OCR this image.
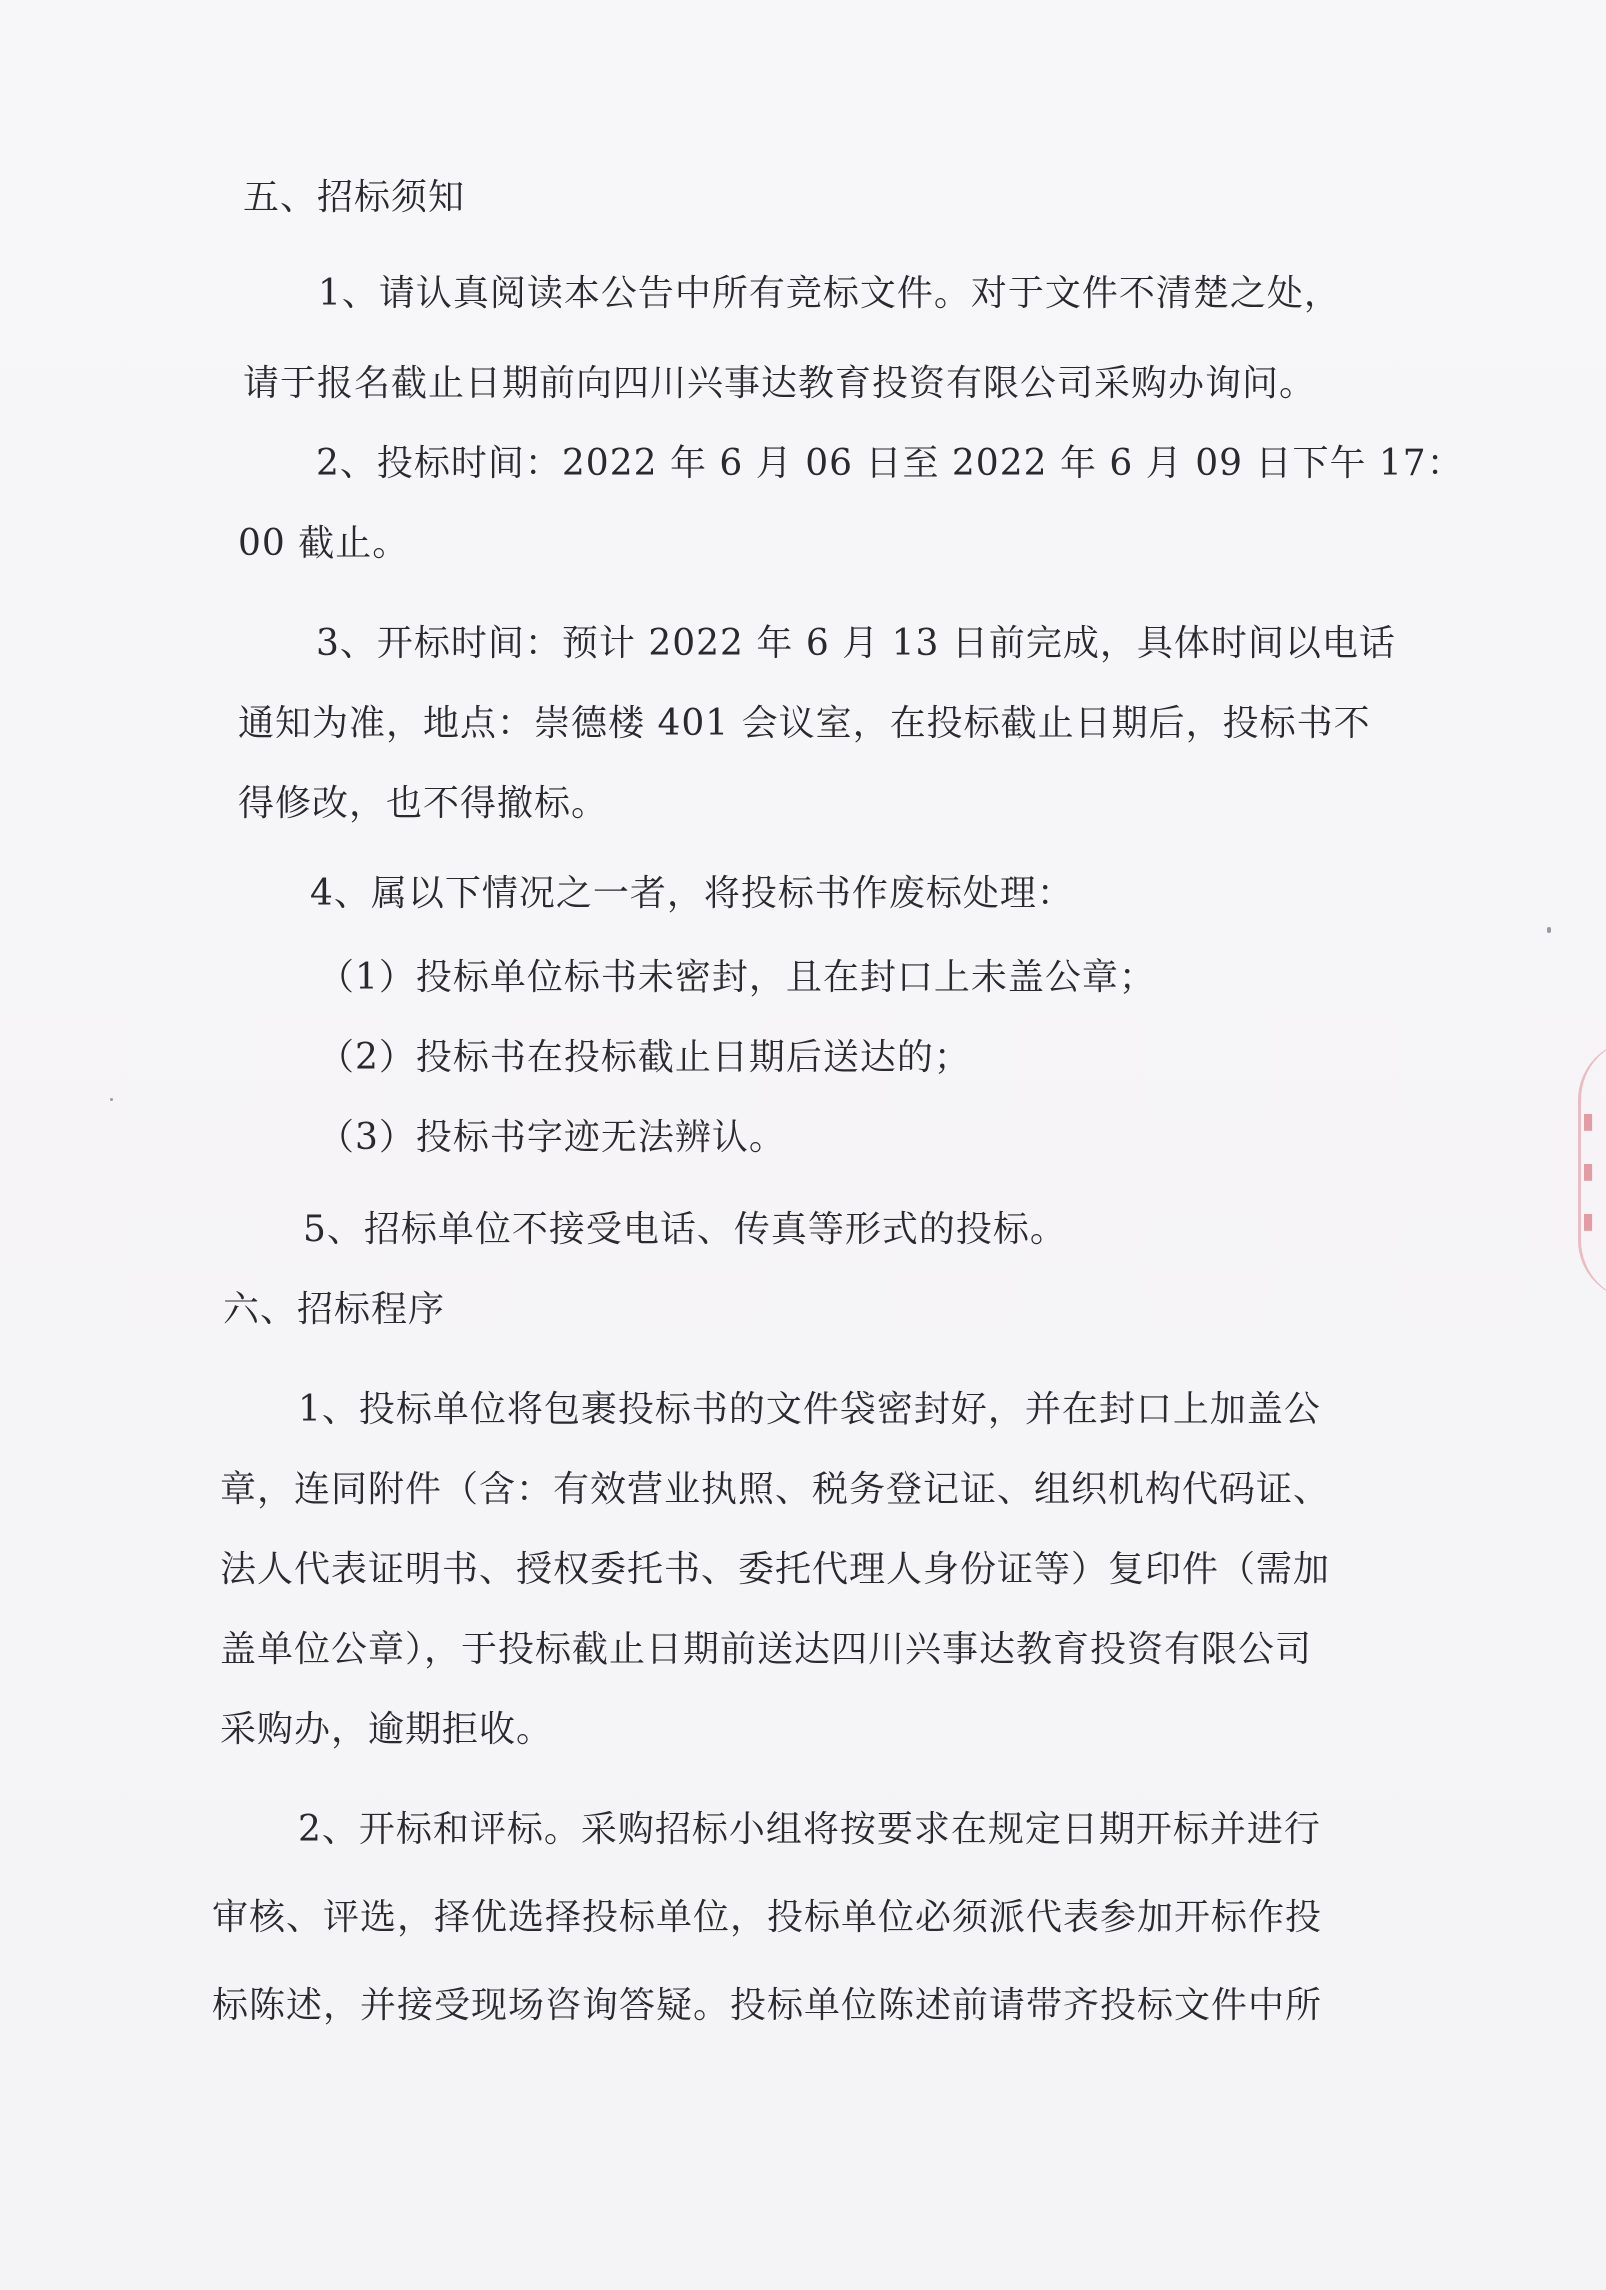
五、招标须知
1、请认真阅读本公告中所有竞标文件。对于文件不清楚之处，
请于报名截止日期前向四川兴事达教育投资有限公司采购办询问。
2、投标时间：2022 年 6 月 06 日至 2022 年 6 月 09 日下午 17：
00 截止。
3、开标时间：预计 2022 年 6 月 13 日前完成，具体时间以电话
通知为准，地点：崇德楼 401 会议室，在投标截止日期后，投标书不
得修改，也不得撤标。
4、属以下情况之一者，将投标书作废标处理：
（1）投标单位标书未密封，且在封口上未盖公章；
（2）投标书在投标截止日期后送达的；
（3）投标书字迹无法辨认。
5、招标单位不接受电话、传真等形式的投标。
六、招标程序
1、投标单位将包裹投标书的文件袋密封好，并在封口上加盖公
章，连同附件（含：有效营业执照、税务登记证、组织机构代码证、
法人代表证明书、授权委托书、委托代理人身份证等）复印件（需加
盖单位公章），于投标截止日期前送达四川兴事达教育投资有限公司
采购办，逾期拒收。
2、开标和评标。采购招标小组将按要求在规定日期开标并进行
审核、评选，择优选择投标单位，投标单位必须派代表参加开标作投
标陈述，并接受现场咨询答疑。投标单位陈述前请带齐投标文件中所
▮
▮
▮
